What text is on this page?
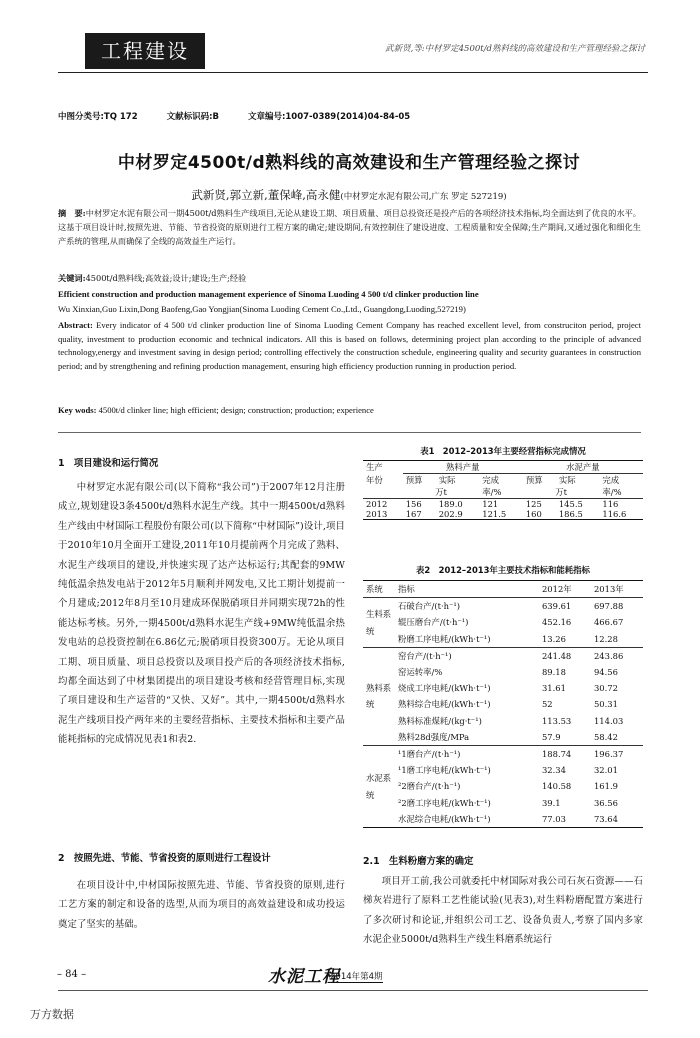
工程建设	武新贤,等:中材罗定4500t/d熟料线的高效建设和生产管理经验之探讨
中图分类号:TQ 172	文献标识码:B	文章编号:1007-0389(2014)04-84-05
中材罗定4500t/d熟料线的高效建设和生产管理经验之探讨
武新贤,郭立新,董保峰,高永健(中材罗定水泥有限公司,广东 罗定 527219)
摘　要:中材罗定水泥有限公司一期4500t/d熟料生产线项目,无论从建设工期、项目质量、项目总投资还是投产后的各项经济技术指标,均全面达到了优良的水平。这基于项目设计时,按照先进、节能、节省投资的原则进行工程方案的确定;建设期间,有效控制住了建设进度、工程质量和安全保障;生产期间,又通过强化和细化生产系统的管理,从而确保了全线的高效益生产运行。
关键词:4500t/d熟料线;高效益;设计;建设;生产;经验
Efficient construction and production management experience of Sinoma Luoding 4 500 t/d clinker production line
Wu Xinxian,Guo Lixin,Dong Baofeng,Gao Yongjian(Sinoma Luoding Cement Co.,Ltd., Guangdong,Luoding,527219)
Abstract: Every indicator of 4 500 t/d clinker production line of Sinoma Luoding Cement Company has reached excellent level, from construciton period, project quality, investment to production economic and technical indicators. All this is based on follows, determining project plan according to the principle of advanced technology,energy and investment saving in design period; controlling effectively the construction schedule, engineering quality and security guarantees in construction period; and by strengthening and refining production management, ensuring high efficiency production running in production period.
Key wods: 4500t/d clinker line; high efficient; design; construction; production; experience
1　项目建设和运行简况
中材罗定水泥有限公司(以下简称“我公司”)于2007年12月注册成立,规划建设3条4500t/d熟料水泥生产线。其中一期4500t/d熟料生产线由中材国际工程股份有限公司(以下简称“中材国际”)设计,项目于2010年10月全面开工建设,2011年10月提前两个月完成了熟料、水泥生产线项目的建设,并快速实现了达产达标运行;其配套的9MW纯低温余热发电站于2012年5月顺利并网发电,又比工期计划提前一个月建成;2012年8月至10月建成环保脱硝项目并同期实现72h的性能达标考核。另外,一期4500t/d熟料水泥生产线+9MW纯低温余热发电站的总投资控制在6.86亿元;脱硝项目投资300万。无论从项目工期、项目质量、项目总投资以及项目投产后的各项经济技术指标,均都全面达到了中材集团提出的项目建设考核和经营管理目标,实现了项目建设和生产运营的“又快、又好”。其中,一期4500t/d熟料水泥生产线项目投产两年来的主要经营指标、主要技术指标和主要产品能耗指标的完成情况见表1和表2.
2　按照先进、节能、节省投资的原则进行工程设计
在项目设计中,中材国际按照先进、节能、节省投资的原则,进行工艺方案的制定和设备的选型,从而为项目的高效益建设和成功投运奠定了坚实的基础。
表1　2012–2013年主要经营指标完成情况
生产	熟料产量			水泥产量		
年份	预算	实际	完成	预算	实际	完成
	万t		率/%	万t		率/%
2012	156	189.0	121	125	145.5	116
2013	167	202.9	121.5	160	186.5	116.6
表2　2012–2013年主要技术指标和能耗指标
系统	指标	2012年	2013年
生料系统	石破台产/(t·h⁻¹)	639.61	697.88
	辊压磨台产/(t·h⁻¹)	452.16	466.67
	粉磨工序电耗/(kWh·t⁻¹)	13.26	12.28
熟料系统	窑台产/(t·h⁻¹)	241.48	243.86
	窑运转率/%	89.18	94.56
	烧成工序电耗/(kWh·t⁻¹)	31.61	30.72
	熟料综合电耗/(kWh·t⁻¹)	52	50.31
	熟料标准煤耗/(kg·t⁻¹)	113.53	114.03
	熟料28d强度/MPa	57.9	58.42
水泥系统	¹1磨台产/(t·h⁻¹)	188.74	196.37
	¹1磨工序电耗/(kWh·t⁻¹)	32.34	32.01
	²2磨台产/(t·h⁻¹)	140.58	161.9
	²2磨工序电耗/(kWh·t⁻¹)	39.1	36.56
	水泥综合电耗/(kWh·t⁻¹)	77.03	73.64
2.1　生料粉磨方案的确定
项目开工前,我公司就委托中材国际对我公司石灰石资源——石梯灰岩进行了原料工艺性能试验(见表3),对生料粉磨配置方案进行了多次研讨和论证,并组织公司工艺、设备负责人,考察了国内多家水泥企业5000t/d熟料生产线生料磨系统运行
– 84 –	水泥工程
2014年第4期
万方数据
